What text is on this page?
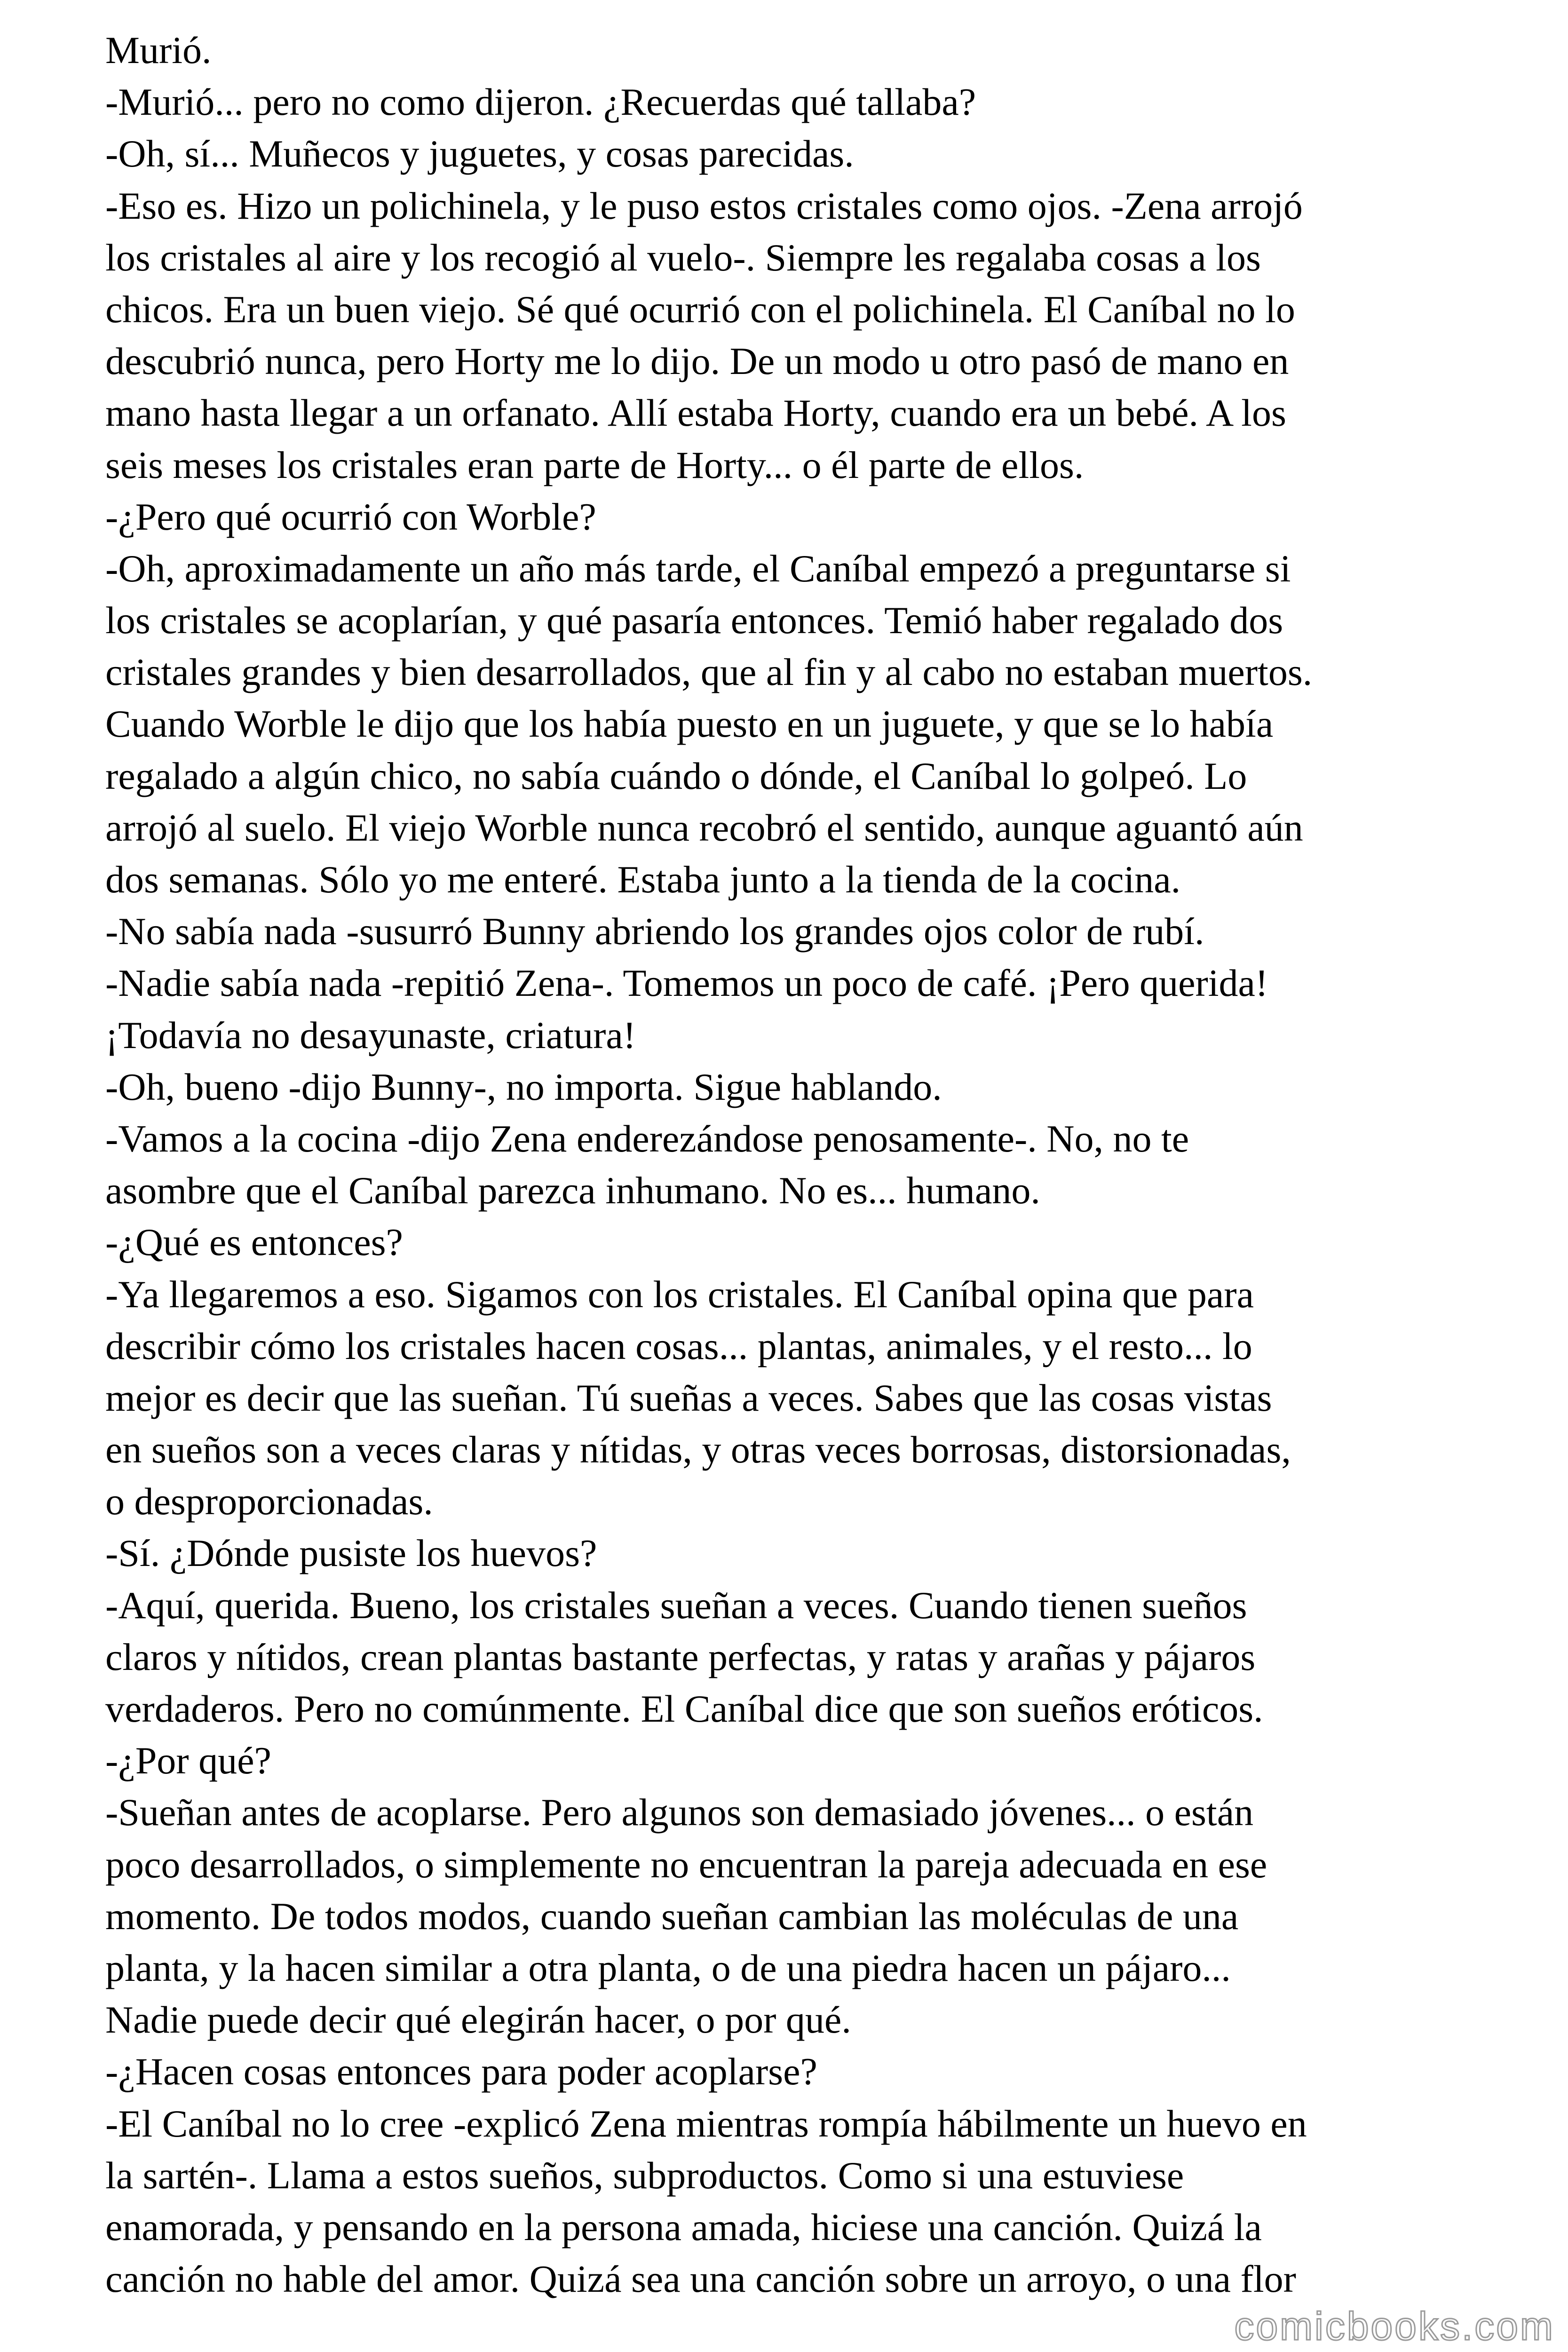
Murió.
-Murió... pero no como dijeron. ¿Recuerdas qué tallaba?
-Oh, sí... Muñecos y juguetes, y cosas parecidas.
-Eso es. Hizo un polichinela, y le puso estos cristales como ojos. -Zena arrojó
los cristales al aire y los recogió al vuelo-. Siempre les regalaba cosas a los
chicos. Era un buen viejo. Sé qué ocurrió con el polichinela. El Caníbal no lo
descubrió nunca, pero Horty me lo dijo. De un modo u otro pasó de mano en
mano hasta llegar a un orfanato. Allí estaba Horty, cuando era un bebé. A los
seis meses los cristales eran parte de Horty... o él parte de ellos.
-¿Pero qué ocurrió con Worble?
-Oh, aproximadamente un año más tarde, el Caníbal empezó a preguntarse si
los cristales se acoplarían, y qué pasaría entonces. Temió haber regalado dos
cristales grandes y bien desarrollados, que al fin y al cabo no estaban muertos.
Cuando Worble le dijo que los había puesto en un juguete, y que se lo había
regalado a algún chico, no sabía cuándo o dónde, el Caníbal lo golpeó. Lo
arrojó al suelo. El viejo Worble nunca recobró el sentido, aunque aguantó aún
dos semanas. Sólo yo me enteré. Estaba junto a la tienda de la cocina.
-No sabía nada -susurró Bunny abriendo los grandes ojos color de rubí.
-Nadie sabía nada -repitió Zena-. Tomemos un poco de café. ¡Pero querida!
¡Todavía no desayunaste, criatura!
-Oh, bueno -dijo Bunny-, no importa. Sigue hablando.
-Vamos a la cocina -dijo Zena enderezándose penosamente-. No, no te
asombre que el Caníbal parezca inhumano. No es... humano.
-¿Qué es entonces?
-Ya llegaremos a eso. Sigamos con los cristales. El Caníbal opina que para
describir cómo los cristales hacen cosas... plantas, animales, y el resto... lo
mejor es decir que las sueñan. Tú sueñas a veces. Sabes que las cosas vistas
en sueños son a veces claras y nítidas, y otras veces borrosas, distorsionadas,
o desproporcionadas.
-Sí. ¿Dónde pusiste los huevos?
-Aquí, querida. Bueno, los cristales sueñan a veces. Cuando tienen sueños
claros y nítidos, crean plantas bastante perfectas, y ratas y arañas y pájaros
verdaderos. Pero no comúnmente. El Caníbal dice que son sueños eróticos.
-¿Por qué?
-Sueñan antes de acoplarse. Pero algunos son demasiado jóvenes... o están
poco desarrollados, o simplemente no encuentran la pareja adecuada en ese
momento. De todos modos, cuando sueñan cambian las moléculas de una
planta, y la hacen similar a otra planta, o de una piedra hacen un pájaro...
Nadie puede decir qué elegirán hacer, o por qué.
-¿Hacen cosas entonces para poder acoplarse?
-El Caníbal no lo cree -explicó Zena mientras rompía hábilmente un huevo en
la sartén-. Llama a estos sueños, subproductos. Como si una estuviese
enamorada, y pensando en la persona amada, hiciese una canción. Quizá la
canción no hable del amor. Quizá sea una canción sobre un arroyo, o una flor
comicbooks.com
